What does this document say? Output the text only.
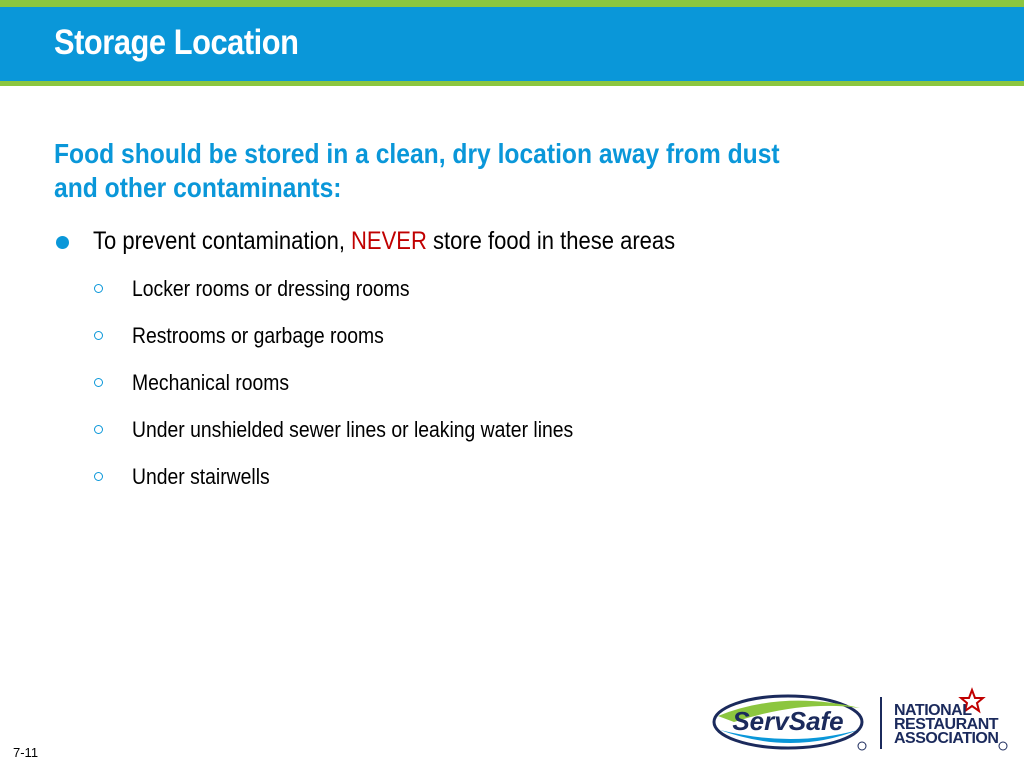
Storage Location
Food should be stored in a clean, dry location away from dust and other contaminants:
To prevent contamination, NEVER store food in these areas
Locker rooms or dressing rooms
Restrooms or garbage rooms
Mechanical rooms
Under unshielded sewer lines or leaking water lines
Under stairwells
7-11
ServSafe	NATIONAL
RESTAURANT
ASSOCIATION
